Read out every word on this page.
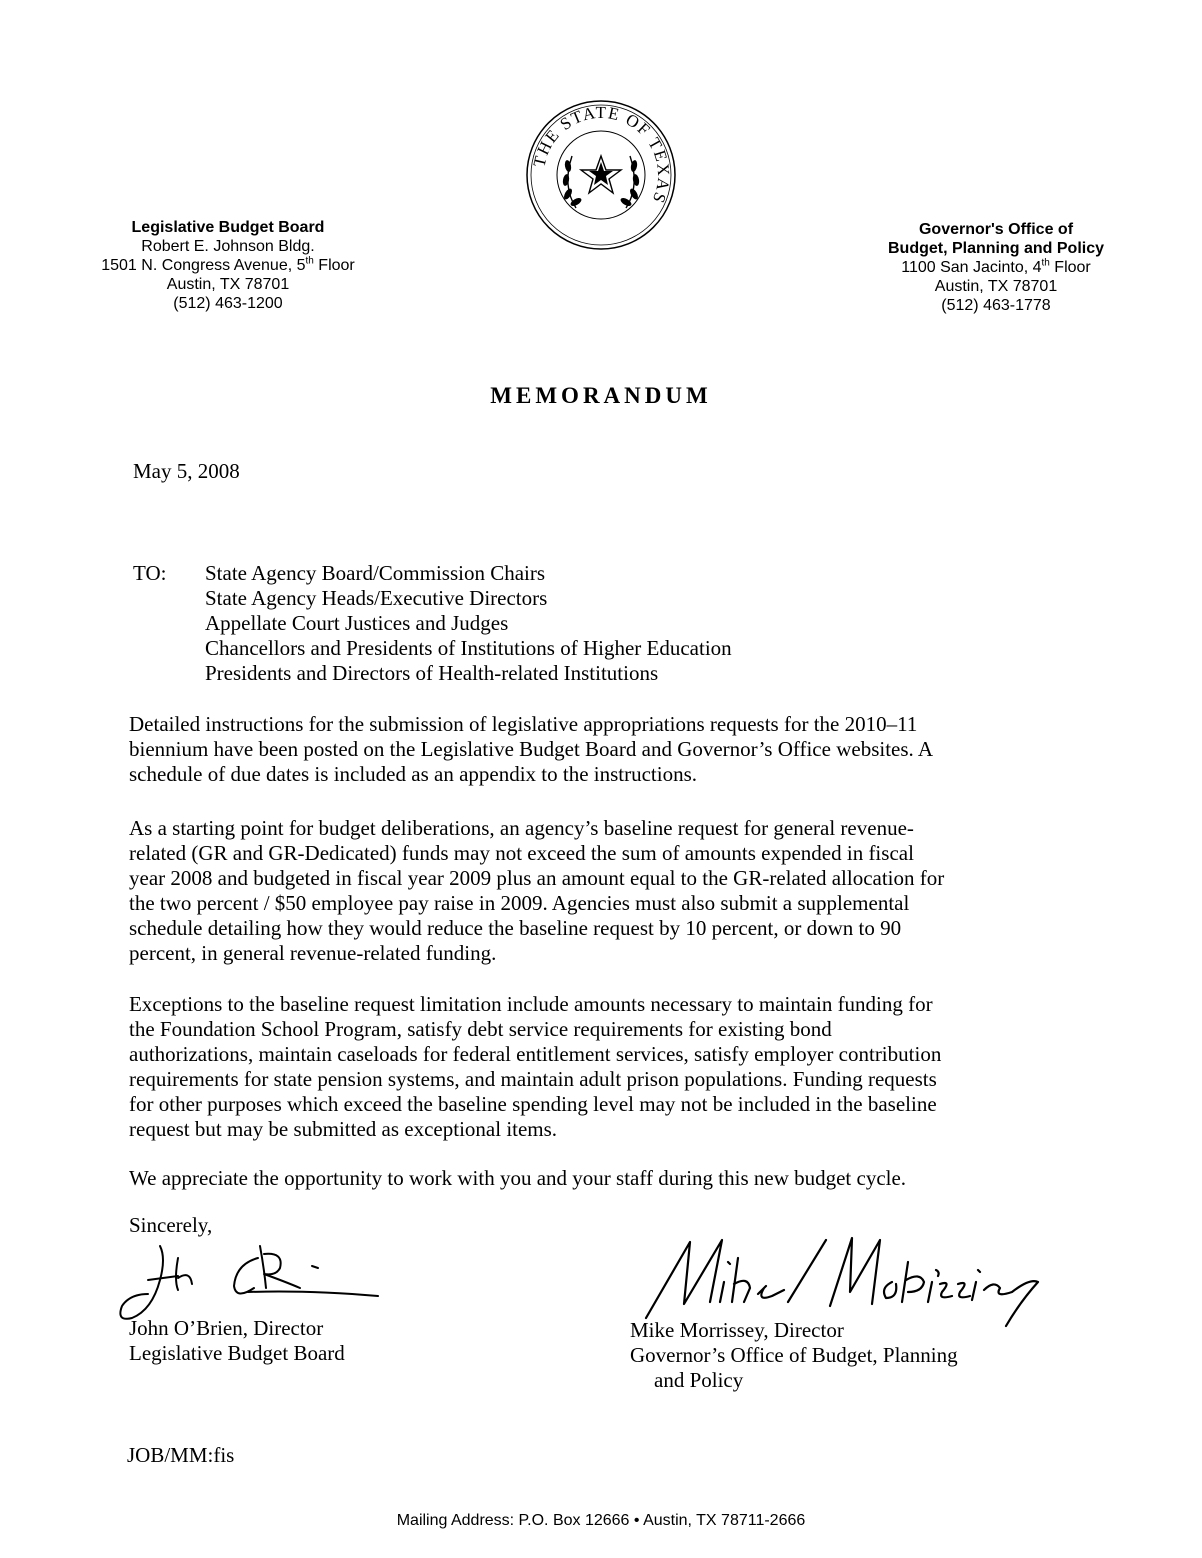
Legislative Budget Board
Robert E. Johnson Bldg.
1501 N. Congress Avenue, 5th Floor
Austin, TX 78701
(512) 463-1200
THE STATE OF TEXAS
Governor's Office of
Budget, Planning and Policy
1100 San Jacinto, 4th Floor
Austin, TX 78701
(512) 463-1778
MEMORANDUM
May 5, 2008
TO: State Agency Board/Commission Chairs
State Agency Heads/Executive Directors
Appellate Court Justices and Judges
Chancellors and Presidents of Institutions of Higher Education
Presidents and Directors of Health-related Institutions
Detailed instructions for the submission of legislative appropriations requests for the 2010–11
biennium have been posted on the Legislative Budget Board and Governor’s Office websites. A
schedule of due dates is included as an appendix to the instructions.
As a starting point for budget deliberations, an agency’s baseline request for general revenue-
related (GR and GR-Dedicated) funds may not exceed the sum of amounts expended in fiscal
year 2008 and budgeted in fiscal year 2009 plus an amount equal to the GR-related allocation for
the two percent / $50 employee pay raise in 2009. Agencies must also submit a supplemental
schedule detailing how they would reduce the baseline request by 10 percent, or down to 90
percent, in general revenue-related funding.
Exceptions to the baseline request limitation include amounts necessary to maintain funding for
the Foundation School Program, satisfy debt service requirements for existing bond
authorizations, maintain caseloads for federal entitlement services, satisfy employer contribution
requirements for state pension systems, and maintain adult prison populations. Funding requests
for other purposes which exceed the baseline spending level may not be included in the baseline
request but may be submitted as exceptional items.
We appreciate the opportunity to work with you and your staff during this new budget cycle.
Sincerely,
John O’Brien, Director
Legislative Budget Board
Mike Morrissey, Director
Governor’s Office of Budget, Planning
and Policy
JOB/MM:fis
Mailing Address: P.O. Box 12666 • Austin, TX 78711-2666
